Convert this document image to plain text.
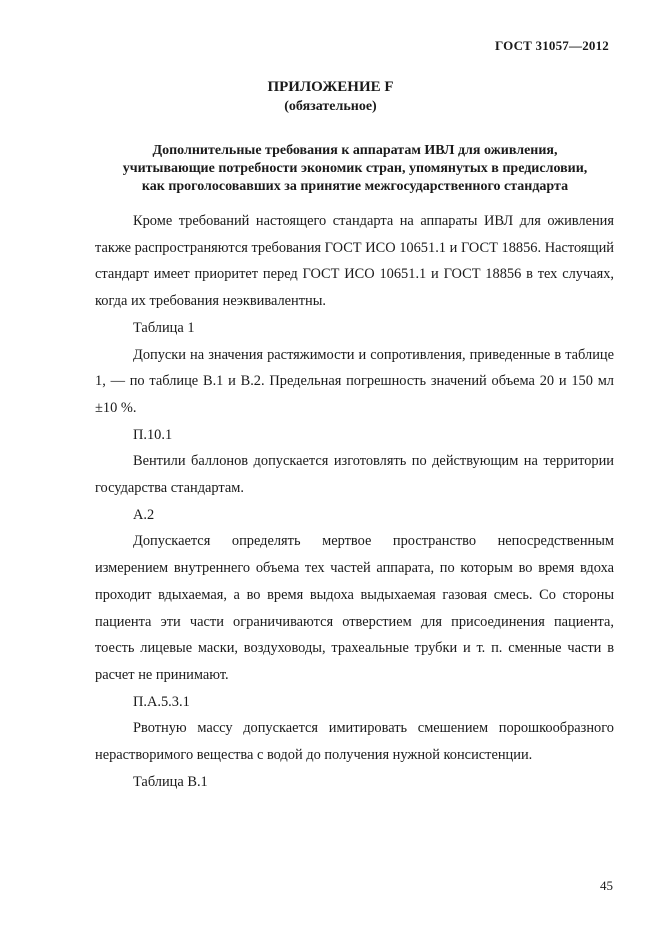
ГОСТ 31057—2012
ПРИЛОЖЕНИЕ F
(обязательное)
Дополнительные требования к аппаратам ИВЛ для оживления,
учитывающие потребности экономик стран, упомянутых в предисловии,
как проголосовавших за принятие межгосударственного стандарта

Кроме требований настоящего стандарта на аппараты ИВЛ для оживления также распространяются требования ГОСТ ИСО 10651.1 и ГОСТ 18856. Настоящий стандарт имеет приоритет перед ГОСТ ИСО 10651.1 и ГОСТ 18856 в тех случаях, когда их требования неэквивалентны.

Таблица 1

Допуски на значения растяжимости и сопротивления, приведенные в таблице 1, — по таблице В.1 и В.2. Предельная погрешность значений объема 20 и 150 мл ±10 %.

П.10.1

Вентили баллонов допускается изготовлять по действующим на территории государства стандартам.

А.2

Допускается определять мертвое пространство непосредственным измерением внутреннего объема тех частей аппарата, по которым во время вдоха проходит вдыхаемая, а во время выдоха выдыхаемая газовая смесь. Со стороны пациента эти части ограничиваются отверстием для присоединения пациента, тоесть лицевые маски, воздуховоды, трахеальные трубки и т. п. сменные части в расчет не принимают.

П.А.5.3.1

Рвотную массу допускается имитировать смешением порошкообразного нерастворимого вещества с водой до получения нужной консистенции.

Таблица В.1

45
